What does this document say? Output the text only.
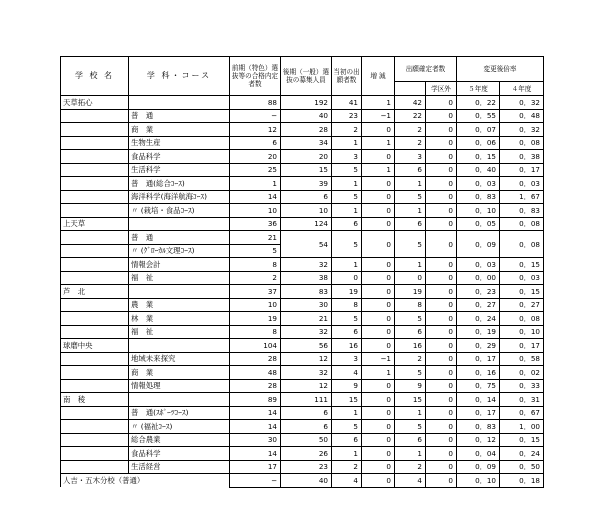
学 校 名	学 科・コース	前期（特色）選抜等の合格内定者数	後期（一般）選抜の募集人員	当初の出願者数	増 減	出願確定者数		変更後倍率	
							学区外	５年度	４年度
天草拓心		88	192	41	1	42	0	0．22	0．32
	普　通	−	40	23	−1	22	0	0．55	0．48
	商　業	12	28	2	0	2	0	0．07	0．32
	生物生産	6	34	1	1	2	0	0．06	0．08
	食品科学	20	20	3	0	3	0	0．15	0．38
	生活科学	25	15	5	1	6	0	0．40	0．17
	普　通(総合ｺｰｽ)	1	39	1	0	1	0	0．03	0．03
	海洋科学(海洋航海ｺｰｽ)	14	6	5	0	5	0	0．83	1．67
	〃 (栽培・食品ｺｰｽ)	10	10	1	0	1	0	0．10	0．83
上天草		36	124	6	0	6	0	0．05	0．08
	普　通	21	54	5	0	5	0	0．09	0．08
	〃 (ｸﾞﾛｰｶﾙ文理ｺｰｽ)	5							
	情報会計	8	32	1	0	1	0	0．03	0．15
	福　祉	2	38	0	0	0	0	0．00	0．03
芦　北		37	83	19	0	19	0	0．23	0．15
	農　業	10	30	8	0	8	0	0．27	0．27
	林　業	19	21	5	0	5	0	0．24	0．08
	福　祉	8	32	6	0	6	0	0．19	0．10
球磨中央		104	56	16	0	16	0	0．29	0．17
	地域未来探究	28	12	3	−1	2	0	0．17	0．58
	商　業	48	32	4	1	5	0	0．16	0．02
	情報処理	28	12	9	0	9	0	0．75	0．33
南　稜		89	111	15	0	15	0	0．14	0．31
	普　通(ｽﾎﾟｰﾂｺｰｽ)	14	6	1	0	1	0	0．17	0．67
	〃 (福祉ｺｰｽ)	14	6	5	0	5	0	0．83	1．00
	総合農業	30	50	6	0	6	0	0．12	0．15
	食品科学	14	26	1	0	1	0	0．04	0．24
	生活経営	17	23	2	0	2	0	0．09	0．50
人吉・五木分校（普通）		−	40	4	0	4	0	0．10	0．18
